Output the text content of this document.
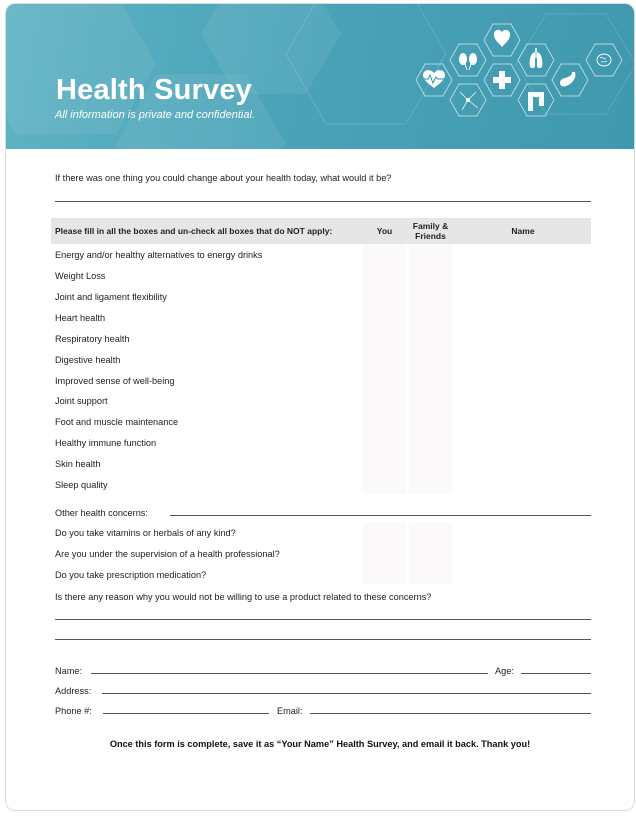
Health Survey
All information is private and confidential.
If there was one thing you could change about your health today, what would it be?
Please fill in all the boxes and un-check all boxes that do NOT apply:	You	Family & Friends	Name
Energy and/or healthy alternatives to energy drinks
Weight Loss
Joint and ligament flexibility
Heart health
Respiratory health
Digestive health
Improved sense of well-being
Joint support
Foot and muscle maintenance
Healthy immune function
Skin health
Sleep quality
Other health concerns:
Do you take vitamins or herbals of any kind?
Are you under the supervision of a health professional?
Do you take prescription medication?
Is there any reason why you would not be willing to use a product related to these concerns?
Name:	Age:
Address:
Phone #:	Email:
Once this form is complete, save it as “Your Name” Health Survey, and email it back. Thank you!
